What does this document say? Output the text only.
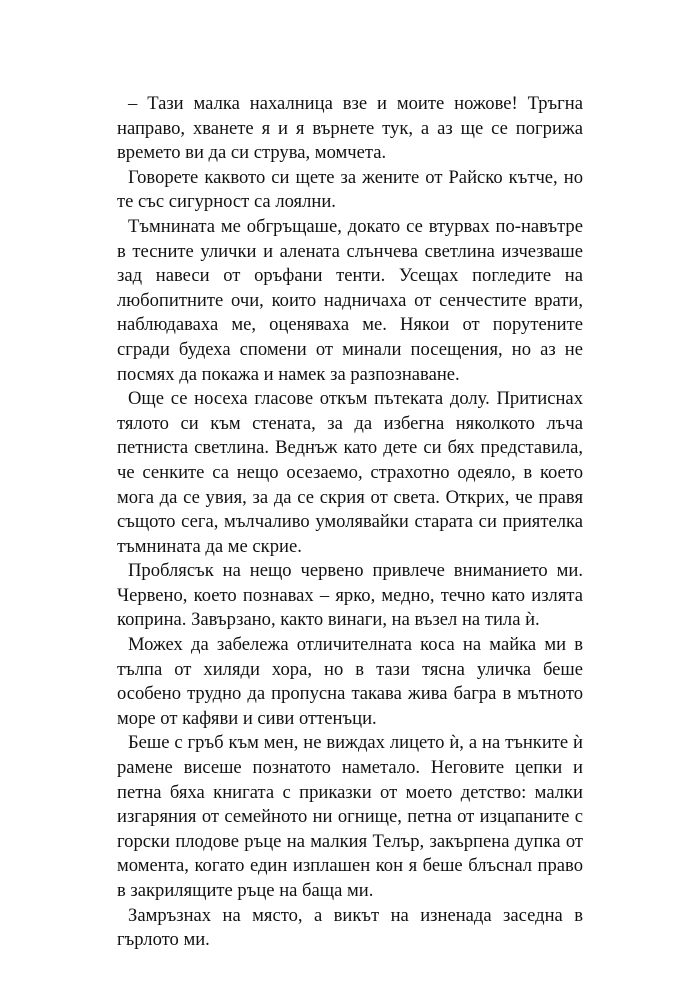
– Тази малка нахалница взе и моите ножове! Тръгна направо, хванете я и я върнете тук, а аз ще се погрижа времето ви да си струва, момчета.

Говорете каквото си щете за жените от Райско кътче, но те със сигурност са лоялни.

Тъмнината ме обгръщаше, докато се втурвах по-навътре в тесните улички и алената слънчева светлина изчезваше зад навеси от оръфани тенти. Усещах погледите на любопитните очи, които надничаха от сенчестите врати, наблюдаваха ме, оценяваха ме. Някои от порутените сгради будеха спомени от минали посещения, но аз не посмях да покажа и намек за разпознаване.

Още се носеха гласове откъм пътеката долу. Притиснах тялото си към стената, за да избегна няколкото лъча петниста светлина. Веднъж като дете си бях представила, че сенките са нещо осезаемо, страхотно одеяло, в което мога да се увия, за да се скрия от света. Открих, че правя същото сега, мълчаливо умолявайки старата си приятелка тъмнината да ме скрие.

Проблясък на нещо червено привлече вниманието ми. Червено, което познавах – ярко, медно, течно като излята коприна. Завързано, както винаги, на възел на тила ѝ.

Можех да забележа отличителната коса на майка ми в тълпа от хиляди хора, но в тази тясна уличка беше особено трудно да пропусна такава жива багра в мътното море от кафяви и сиви оттенъци.

Беше с гръб към мен, не виждах лицето ѝ, а на тънките ѝ рамене висеше познатото наметало. Неговите цепки и петна бяха книгата с приказки от моето детство: малки изгаряния от семейното ни огнище, петна от изцапаните с горски плодове ръце на малкия Телър, закърпена дупка от момента, когато един изплашен кон я беше блъснал право в закрилящите ръце на баща ми.

Замръзнах на място, а викът на изненада заседна в гърлото ми.
